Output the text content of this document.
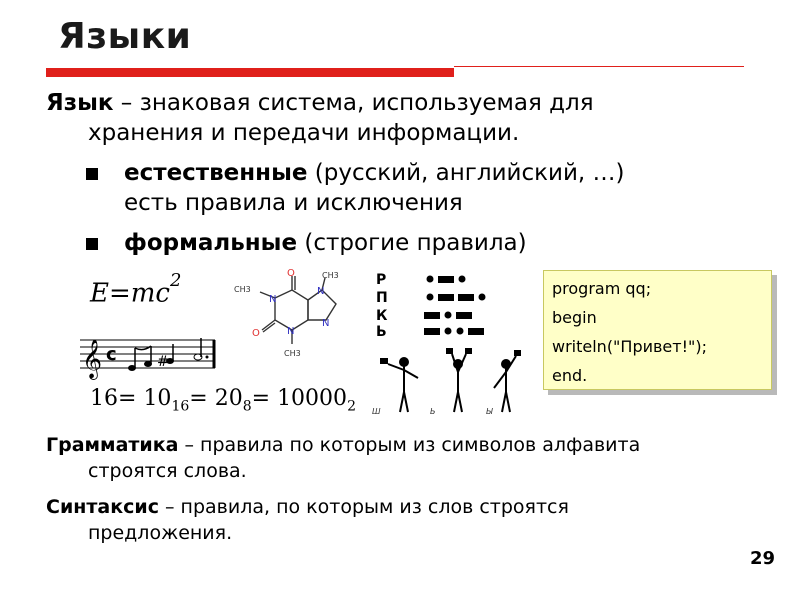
Языки
Язык – знаковая система, используемая для
хранения и передачи информации.
естественные (русский, английский, …)
есть правила и исключения
формальные (строгие правила)
$E=mc^2$
𝄞 c	#
$16= 10_{16}= 20_8= 10000_2$
O
O
N
N
N
N
CH3
CH3
CH3	Р
П
К
Ь
Ш	Ь	Ы
program qq;
begin
writeln("Привет!");
end.
Грамматика – правила по которым из символов алфавита
строятся слова.
Синтаксис – правила, по которым из слов строятся
предложения.
29
